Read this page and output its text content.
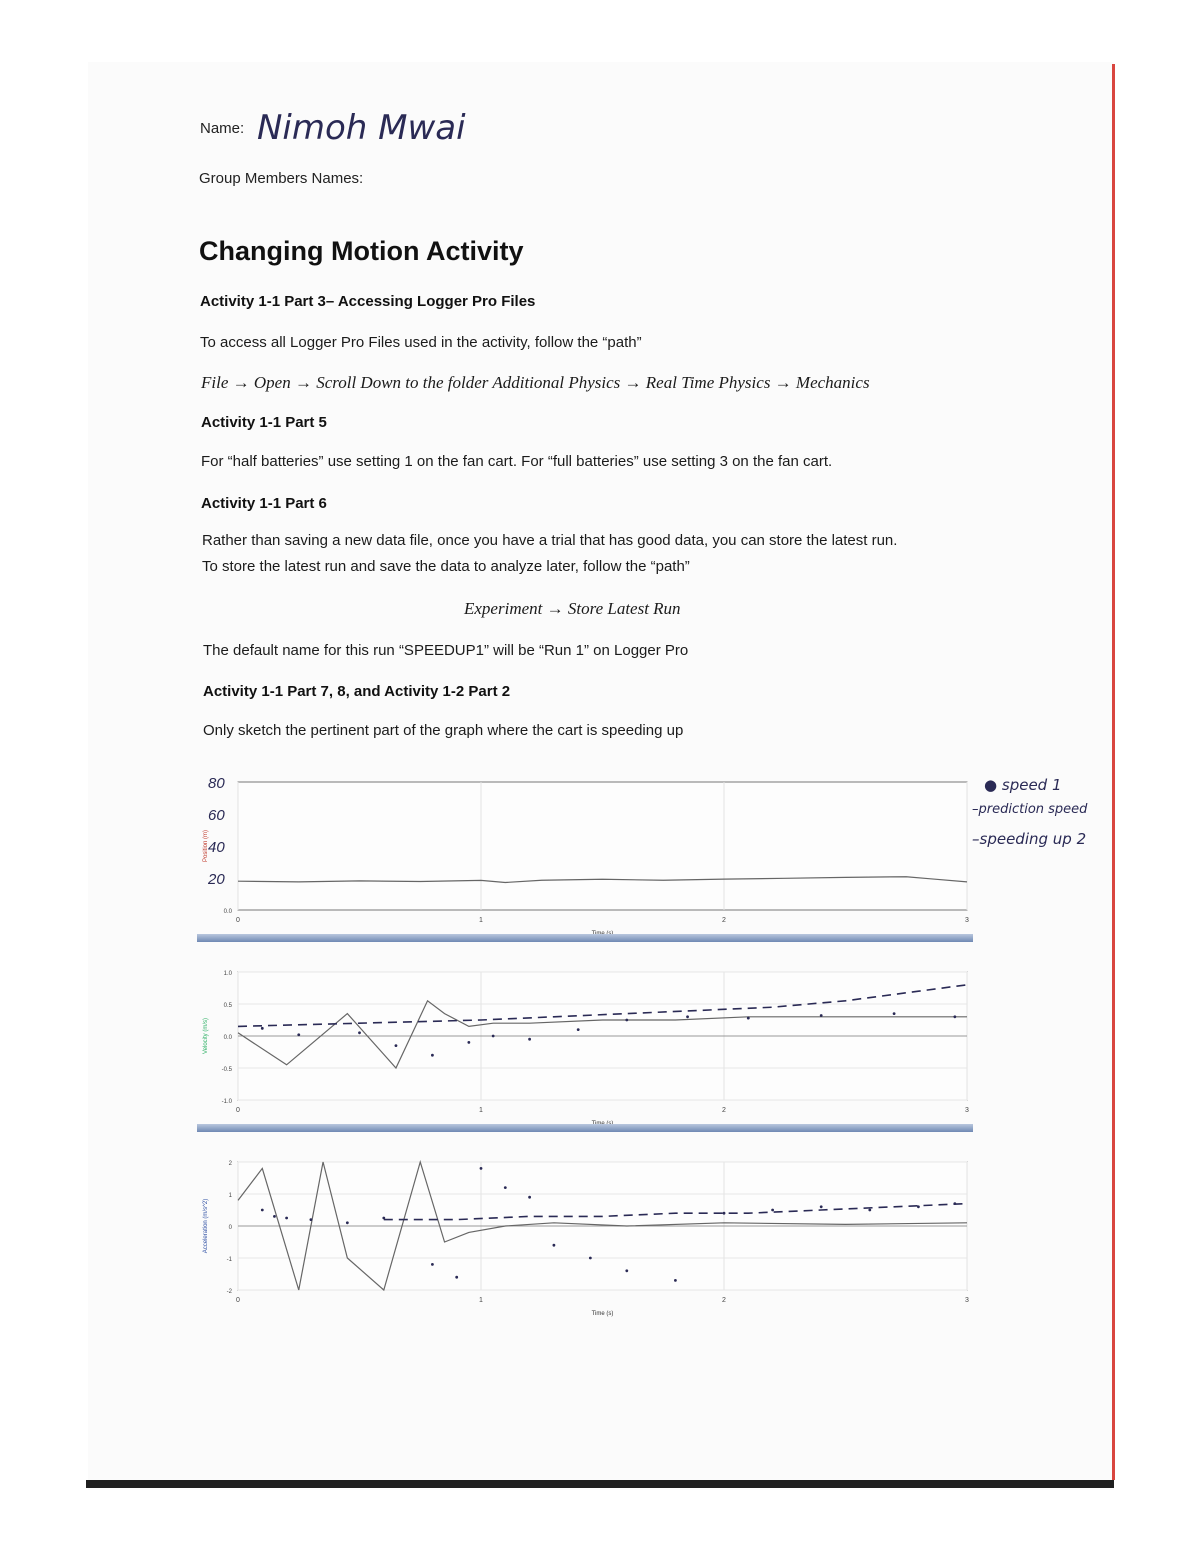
Name: Nimoh Mwai
Group Members Names:
Changing Motion Activity
Activity 1-1 Part 3– Accessing Logger Pro Files
To access all Logger Pro Files used in the activity, follow the “path”
File → Open → Scroll Down to the folder Additional Physics → Real Time Physics → Mechanics
Activity 1-1 Part 5
For “half batteries” use setting 1 on the fan cart. For “full batteries” use setting 3 on the fan cart.
Activity 1-1 Part 6
Rather than saving a new data file, once you have a trial that has good data, you can store the latest run.
To store the latest run and save the data to analyze later, follow the “path”
Experiment → Store Latest Run
The default name for this run “SPEEDUP1” will be “Run 1” on Logger Pro
Activity 1-1 Part 7, 8, and Activity 1-2 Part 2
Only sketch the pertinent part of the graph where the cart is speeding up
● speed 1
–prediction speed
–speeding up 2
0	1	2	3
0.0
80
60
40
20
Position (m)
0	1	2	3
1.0
0.5
0.0
-0.5
-1.0
Velocity (m/s)
0	1	2	3
2
1
0
-1
-2
Time (s)
Acceleration (m/s^2)
